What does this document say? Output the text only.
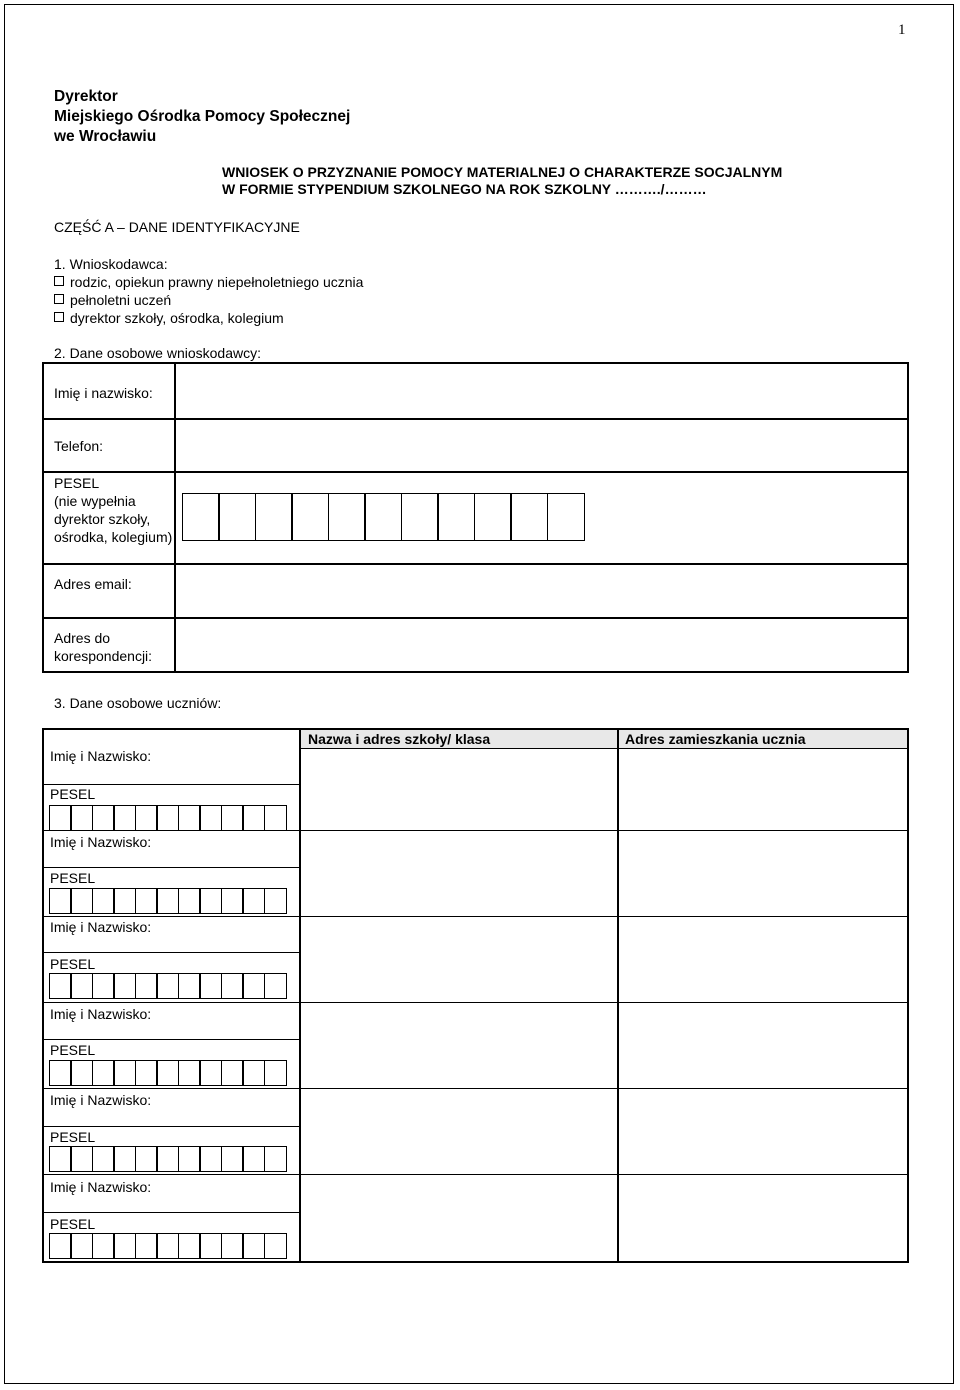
1
Dyrektor
Miejskiego Ośrodka Pomocy Społecznej
we Wrocławiu
WNIOSEK O PRZYZNANIE POMOCY MATERIALNEJ O CHARAKTERZE SOCJALNYM
W FORMIE STYPENDIUM SZKOLNEGO NA ROK SZKOLNY ………./………
CZĘŚĆ A – DANE IDENTYFIKACYJNE
1. Wnioskodawca:
rodzic, opiekun prawny niepełnoletniego ucznia
pełnoletni uczeń
dyrektor szkoły, ośrodka, kolegium
2. Dane osobowe wnioskodawcy:
Imię i nazwisko:
Telefon:
PESEL
(nie wypełnia
dyrektor szkoły,
ośrodka, kolegium)
Adres email:
Adres do
korespondencji:
3. Dane osobowe uczniów:
Nazwa i adres szkoły/ klasa	Adres zamieszkania ucznia
Imię i Nazwisko:
PESEL
Imię i Nazwisko:
PESEL
Imię i Nazwisko:
PESEL
Imię i Nazwisko:
PESEL
Imię i Nazwisko:
PESEL
Imię i Nazwisko:
PESEL
